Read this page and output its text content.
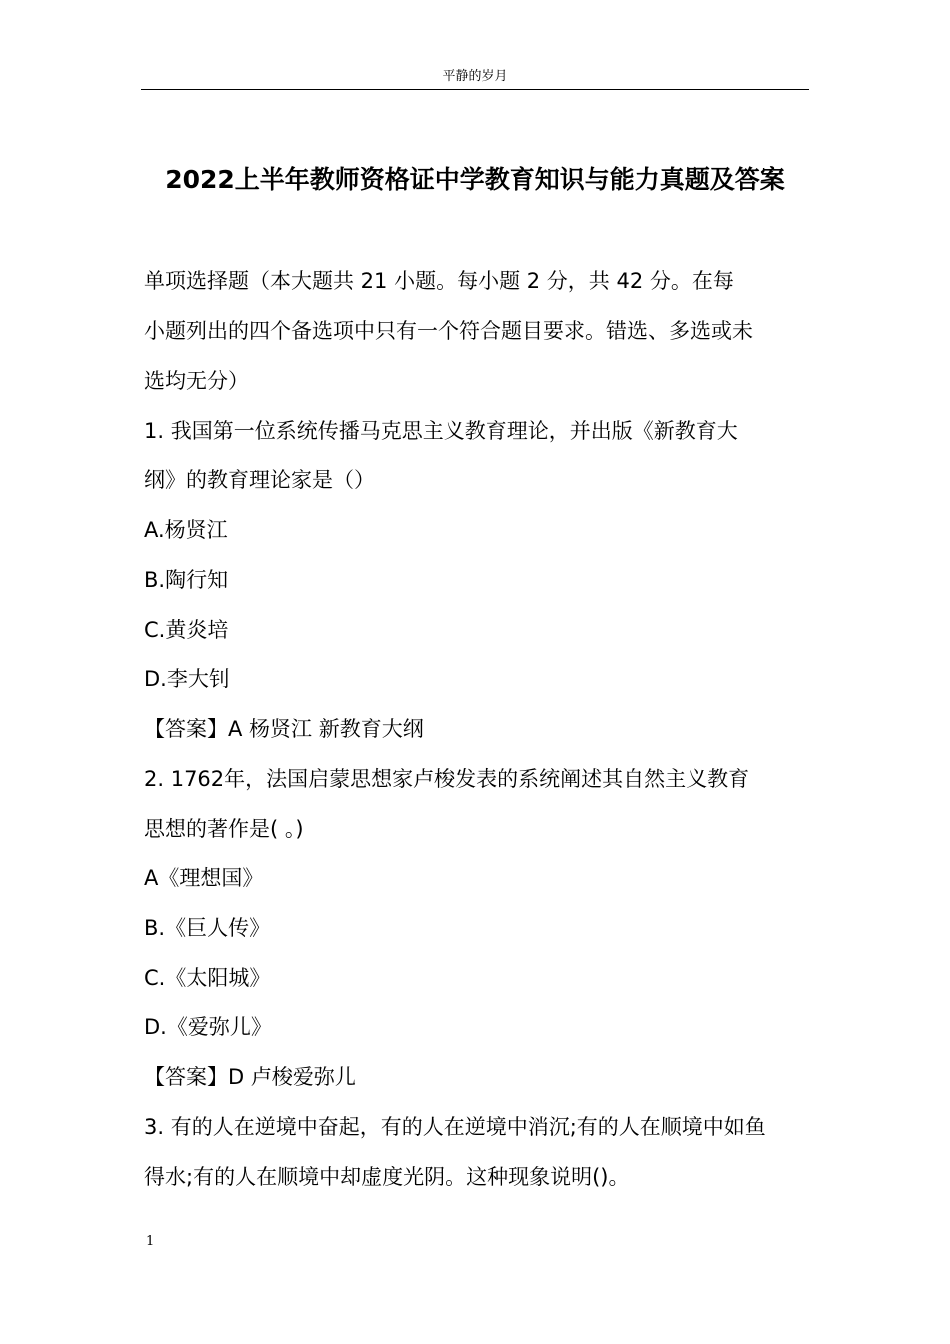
平静的岁月
2022上半年教师资格证中学教育知识与能力真题及答案
单项选择题（本大题共 21 小题。每小题 2 分，共 42 分。在每
小题列出的四个备选项中只有一个符合题目要求。错选、多选或未
选均无分）
1. 我国第一位系统传播马克思主义教育理论，并出版《新教育大
纲》的教育理论家是（）
A.杨贤江
B.陶行知
C.黄炎培
D.李大钊
【答案】A 杨贤江 新教育大纲
2. 1762年，法国启蒙思想家卢梭发表的系统阐述其自然主义教育
思想的著作是( 。)
A《理想国》
B.《巨人传》
C.《太阳城》
D.《爱弥儿》
【答案】D 卢梭爱弥儿
3. 有的人在逆境中奋起，有的人在逆境中消沉;有的人在顺境中如鱼
得水;有的人在顺境中却虚度光阴。这种现象说明()。
1
